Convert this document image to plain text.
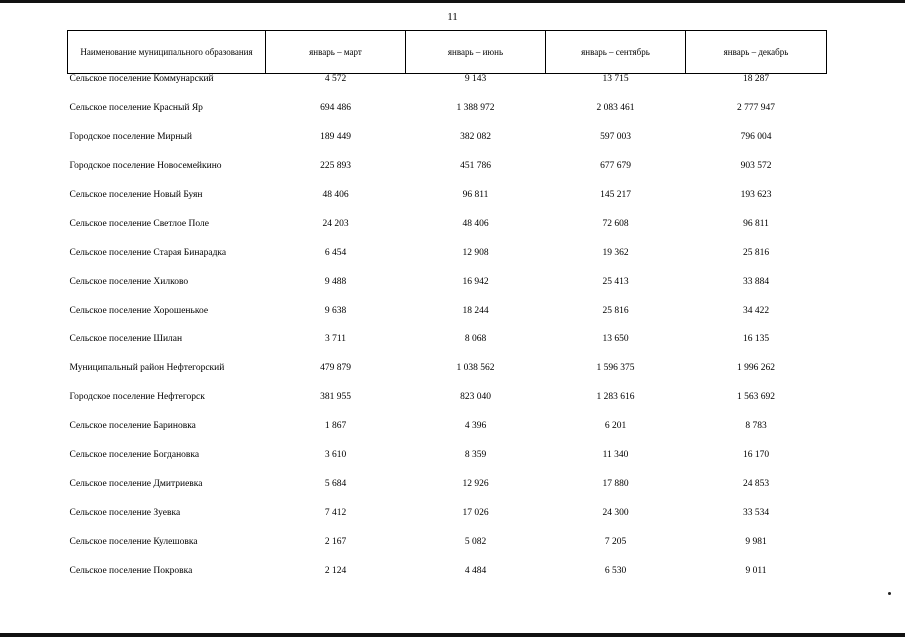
11
Наименование муниципального образования	январь – март	январь – июнь	январь – сентябрь	январь – декабрь
Сельское поселение Коммунарский	4 572	9 143	13 715	18 287
Сельское поселение Красный Яр	694 486	1 388 972	2 083 461	2 777 947
Городское поселение Мирный	189 449	382 082	597 003	796 004
Городское поселение Новосемейкино	225 893	451 786	677 679	903 572
Сельское поселение Новый Буян	48 406	96 811	145 217	193 623
Сельское поселение Светлое Поле	24 203	48 406	72 608	96 811
Сельское поселение Старая Бинарадка	6 454	12 908	19 362	25 816
Сельское поселение Хилково	9 488	16 942	25 413	33 884
Сельское поселение Хорошенькое	9 638	18 244	25 816	34 422
Сельское поселение Шилан	3 711	8 068	13 650	16 135
Муниципальный район Нефтегорский	479 879	1 038 562	1 596 375	1 996 262
Городское поселение Нефтегорск	381 955	823 040	1 283 616	1 563 692
Сельское поселение Бариновка	1 867	4 396	6 201	8 783
Сельское поселение Богдановка	3 610	8 359	11 340	16 170
Сельское поселение Дмитриевка	5 684	12 926	17 880	24 853
Сельское поселение Зуевка	7 412	17 026	24 300	33 534
Сельское поселение Кулешовка	2 167	5 082	7 205	9 981
Сельское поселение Покровка	2 124	4 484	6 530	9 011
